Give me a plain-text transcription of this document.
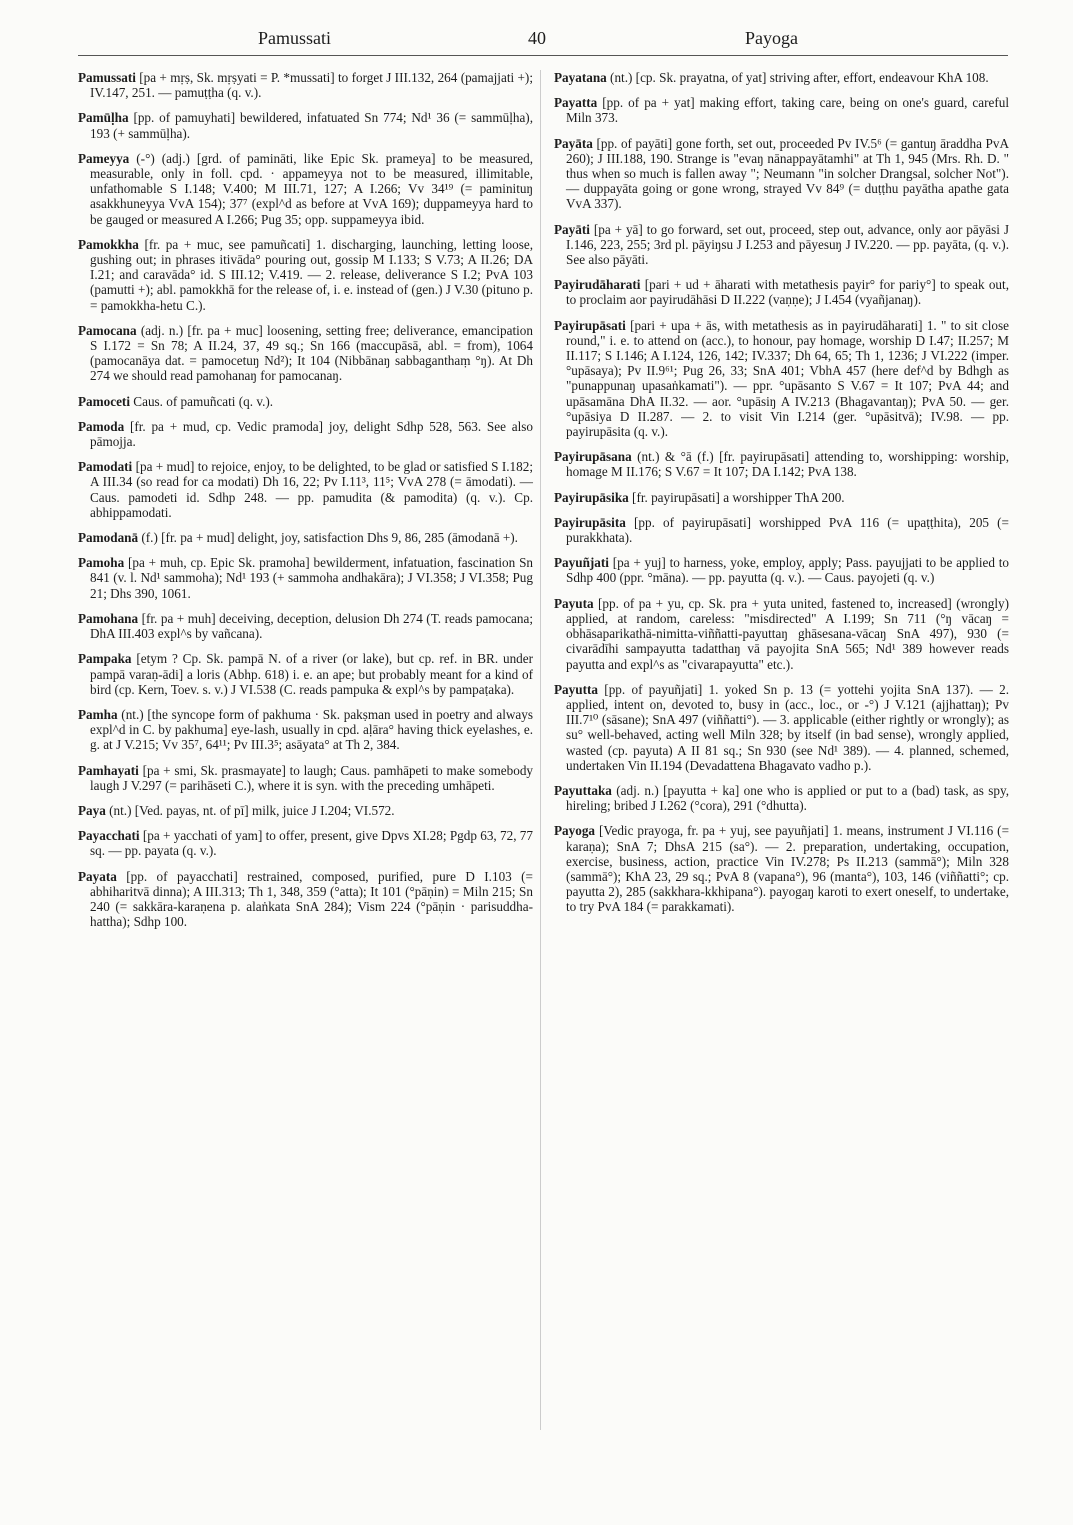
Pamussati	40	Payoga

Pamussati [pa + mṛṣ, Sk. mṛṣyati = P. *mussati] to forget J III.132, 264 (pamajjati +); IV.147, 251. — pamuṭṭha (q. v.).

Pamūḷha [pp. of pamuyhati] bewildered, infatuated Sn 774; Nd¹ 36 (= sammūḷha), 193 (+ sammūḷha).

Pameyya (-°) (adj.) [grd. of pamināti, like Epic Sk. prameya] to be measured, measurable, only in foll. cpd. · appameyya not to be measured, illimitable, unfathomable S I.148; V.400; M III.71, 127; A I.266; Vv 34¹⁹ (= paminituŋ asakkhuneyya VvA 154); 37⁷ (expl^d as before at VvA 169); duppameyya hard to be gauged or measured A I.266; Pug 35; opp. suppameyya ibid.

Pamokkha [fr. pa + muc, see pamuñcati] 1. discharging, launching, letting loose, gushing out; in phrases itivāda° pouring out, gossip M I.133; S V.73; A II.26; DA I.21; and caravāda° id. S III.12; V.419. — 2. release, deliverance S I.2; PvA 103 (pamutti +); abl. pamokkhā for the release of, i. e. instead of (gen.) J V.30 (pituno p. = pamokkha-hetu C.).

Pamocana (adj. n.) [fr. pa + muc] loosening, setting free; deliverance, emancipation S I.172 = Sn 78; A II.24, 37, 49 sq.; Sn 166 (maccupāsā, abl. = from), 1064 (pamocanāya dat. = pamocetuŋ Nd²); It 104 (Nibbānaŋ sabbaganthaṃ °ŋ). At Dh 274 we should read pamohanaŋ for pamocanaŋ.

Pamoceti Caus. of pamuñcati (q. v.).

Pamoda [fr. pa + mud, cp. Vedic pramoda] joy, delight Sdhp 528, 563. See also pāmojja.

Pamodati [pa + mud] to rejoice, enjoy, to be delighted, to be glad or satisfied S I.182; A III.34 (so read for ca modati) Dh 16, 22; Pv I.11³, 11⁵; VvA 278 (= āmodati). — Caus. pamodeti id. Sdhp 248. — pp. pamudita (& pamodita) (q. v.). Cp. abhippamodati.

Pamodanā (f.) [fr. pa + mud] delight, joy, satisfaction Dhs 9, 86, 285 (āmodanā +).

Pamoha [pa + muh, cp. Epic Sk. pramoha] bewilderment, infatuation, fascination Sn 841 (v. l. Nd¹ sammoha); Nd¹ 193 (+ sammoha andhakāra); J VI.358; J VI.358; Pug 21; Dhs 390, 1061.

Pamohana [fr. pa + muh] deceiving, deception, delusion Dh 274 (T. reads pamocana; DhA III.403 expl^s by vañcana).

Pampaka [etym ? Cp. Sk. pampā N. of a river (or lake), but cp. ref. in BR. under pampā varaṇ-ādi] a loris (Abhp. 618) i. e. an ape; but probably meant for a kind of bird (cp. Kern, Toev. s. v.) J VI.538 (C. reads pampuka & expl^s by pampaṭaka).

Pamha (nt.) [the syncope form of pakhuma · Sk. pakṣman used in poetry and always expl^d in C. by pakhuma] eye-lash, usually in cpd. aḷāra° having thick eyelashes, e. g. at J V.215; Vv 35⁷, 64¹¹; Pv III.3⁵; asāyata° at Th 2, 384.

Pamhayati [pa + smi, Sk. prasmayate] to laugh; Caus. pamhāpeti to make somebody laugh J V.297 (= parihāseti C.), where it is syn. with the preceding umhāpeti.

Paya (nt.) [Ved. payas, nt. of pī] milk, juice J I.204; VI.572.

Payacchati [pa + yacchati of yam] to offer, present, give Dpvs XI.28; Pgdp 63, 72, 77 sq. — pp. payata (q. v.).

Payata [pp. of payacchati] restrained, composed, purified, pure D I.103 (= abhiharitvā dinna); A III.313; Th 1, 348, 359 (°atta); It 101 (°pāṇin) = Miln 215; Sn 240 (= sakkāra-karaṇena p. alaṅkata SnA 284); Vism 224 (°pāṇin · parisuddha-hattha); Sdhp 100.

Payatana (nt.) [cp. Sk. prayatna, of yat] striving after, effort, endeavour KhA 108.

Payatta [pp. of pa + yat] making effort, taking care, being on one's guard, careful Miln 373.

Payāta [pp. of payāti] gone forth, set out, proceeded Pv IV.5⁶ (= gantuŋ āraddha PvA 260); J III.188, 190. Strange is "evaŋ nānappayātamhi" at Th 1, 945 (Mrs. Rh. D. " thus when so much is fallen away "; Neumann "in solcher Drangsal, solcher Not"). — duppayāta going or gone wrong, strayed Vv 84⁹ (= duṭṭhu payātha apathe gata VvA 337).

Payāti [pa + yā] to go forward, set out, proceed, step out, advance, only aor pāyāsi J I.146, 223, 255; 3rd pl. pāyiŋsu J I.253 and pāyesuŋ J IV.220. — pp. payāta, (q. v.). See also pāyāti.

Payirudāharati [pari + ud + āharati with metathesis payir° for pariy°] to speak out, to proclaim aor payirudāhāsi D II.222 (vaṇṇe); J I.454 (vyañjanaŋ).

Payirupāsati [pari + upa + ās, with metathesis as in payirudāharati] 1. " to sit close round," i. e. to attend on (acc.), to honour, pay homage, worship D I.47; II.257; M II.117; S I.146; A I.124, 126, 142; IV.337; Dh 64, 65; Th 1, 1236; J VI.222 (imper. °upāsaya); Pv II.9⁶¹; Pug 26, 33; SnA 401; VbhA 457 (here def^d by Bdhgh as "punappunaŋ upasaṅkamati"). — ppr. °upāsanto S V.67 = It 107; PvA 44; and upāsamāna DhA II.32. — aor. °upāsiŋ A IV.213 (Bhagavantaŋ); PvA 50. — ger. °upāsiya D II.287. — 2. to visit Vin I.214 (ger. °upāsitvā); IV.98. — pp. payirupāsita (q. v.).

Payirupāsana (nt.) & °ā (f.) [fr. payirupāsati] attending to, worshipping: worship, homage M II.176; S V.67 = It 107; DA I.142; PvA 138.

Payirupāsika [fr. payirupāsati] a worshipper ThA 200.

Payirupāsita [pp. of payirupāsati] worshipped PvA 116 (= upaṭṭhita), 205 (= purakkhata).

Payuñjati [pa + yuj] to harness, yoke, employ, apply; Pass. payujjati to be applied to Sdhp 400 (ppr. °māna). — pp. payutta (q. v.). — Caus. payojeti (q. v.)

Payuta [pp. of pa + yu, cp. Sk. pra + yuta united, fastened to, increased] (wrongly) applied, at random, careless: "misdirected" A I.199; Sn 711 (°ŋ vācaŋ = obhāsaparikathā-nimitta-viññatti-payuttaŋ ghāsesana-vācaŋ SnA 497), 930 (= civarādīhi sampayutta tadatthaŋ vā payojita SnA 565; Nd¹ 389 however reads payutta and expl^s as "civarapayutta" etc.).

Payutta [pp. of payuñjati] 1. yoked Sn p. 13 (= yottehi yojita SnA 137). — 2. applied, intent on, devoted to, busy in (acc., loc., or -°) J V.121 (ajjhattaŋ); Pv III.7¹⁰ (sāsane); SnA 497 (viññatti°). — 3. applicable (either rightly or wrongly); as su° well-behaved, acting well Miln 328; by itself (in bad sense), wrongly applied, wasted (cp. payuta) A II 81 sq.; Sn 930 (see Nd¹ 389). — 4. planned, schemed, undertaken Vin II.194 (Devadattena Bhagavato vadho p.).

Payuttaka (adj. n.) [payutta + ka] one who is applied or put to a (bad) task, as spy, hireling; bribed J I.262 (°cora), 291 (°dhutta).

Payoga [Vedic prayoga, fr. pa + yuj, see payuñjati] 1. means, instrument J VI.116 (= karaṇa); SnA 7; DhsA 215 (sa°). — 2. preparation, undertaking, occupation, exercise, business, action, practice Vin IV.278; Ps II.213 (sammā°); Miln 328 (sammā°); KhA 23, 29 sq.; PvA 8 (vapana°), 96 (manta°), 103, 146 (viññatti°; cp. payutta 2), 285 (sakkhara-kkhipana°). payogaŋ karoti to exert oneself, to undertake, to try PvA 184 (= parakkamati).
